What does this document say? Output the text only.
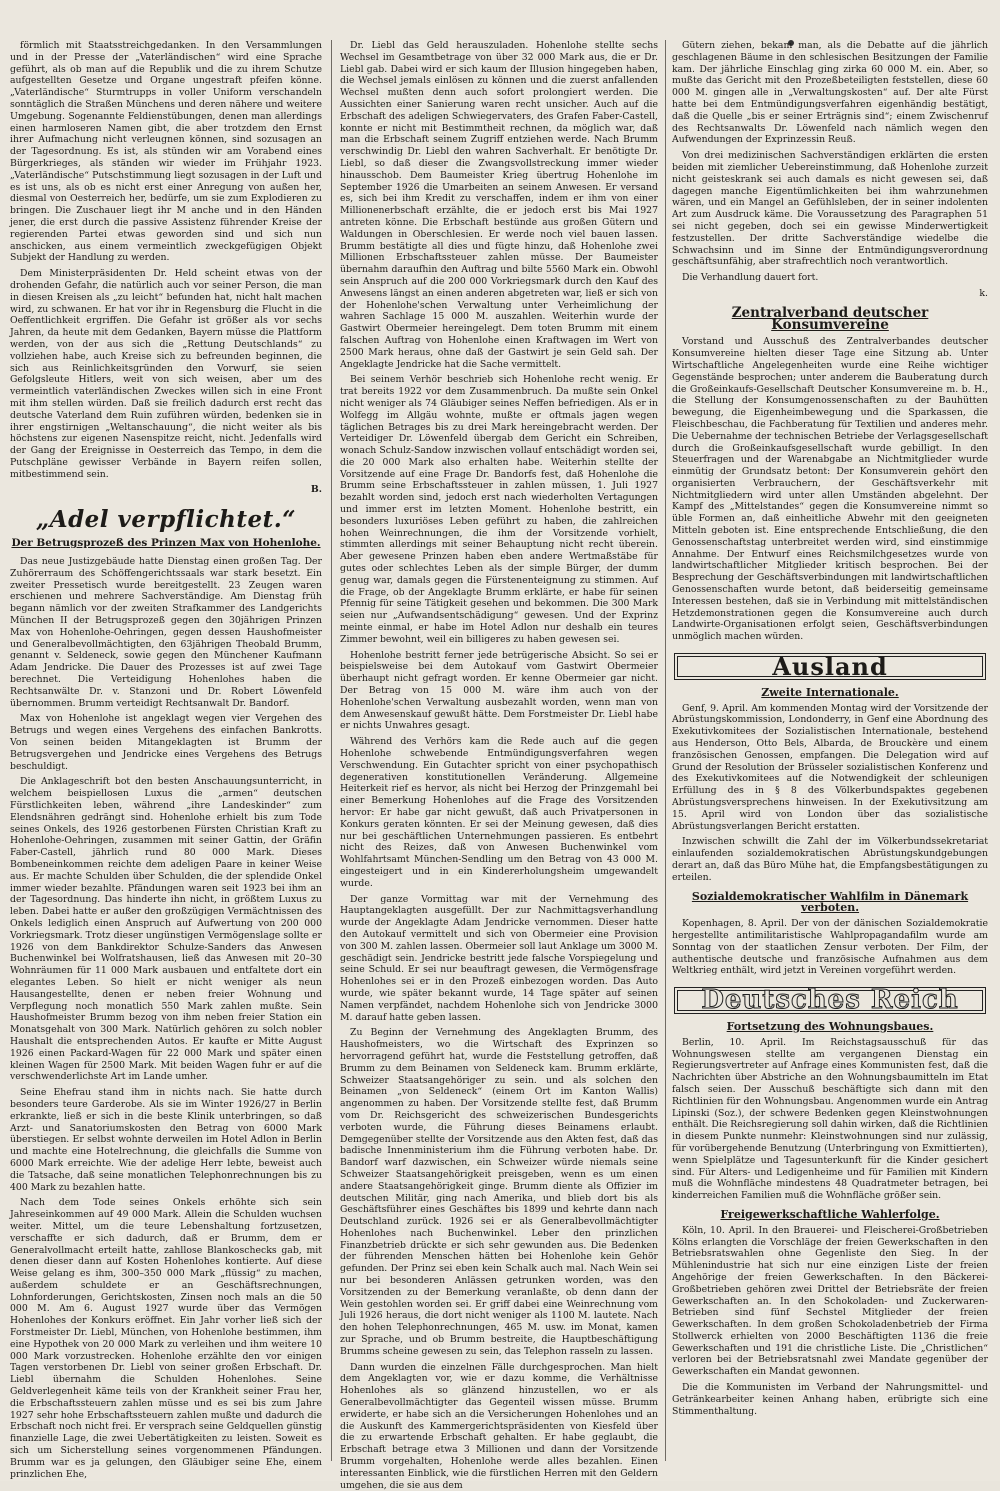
förmlich mit Staatsstreichgedanken. In den Versammlungen und in der Presse der „Vaterländischen“ wird eine Sprache geführt, als ob man auf die Republik und die zu ihrem Schutze aufgestellten Gesetze und Organe ungestraft pfeifen könne. „Vaterländische“ Sturmtrupps in voller Uniform verschandeln sonntäglich die Straßen Münchens und deren nähere und weitere Umgebung. Sogenannte Feldienstübungen, denen man allerdings einen harmloseren Namen gibt, die aber trotzdem den Ernst ihrer Aufmachung nicht verleugnen können, sind sozusagen an der Tagesordnung. Es ist, als stünden wir am Vorabend eines Bürgerkrieges, als ständen wir wieder im Frühjahr 1923. „Vaterländische“ Putschstimmung liegt sozusagen in der Luft und es ist uns, als ob es nicht erst einer Anregung von außen her, diesmal von Oesterreich her, bedürfe, um sie zum Explodieren zu bringen. Die Zuschauer liegt ihr M anche und in den Händen jener, die erst durch die passive Assistenz führender Kreise der regierenden Partei etwas geworden sind und sich nun anschicken, aus einem vermeintlich zweckgefügigen Objekt Subjekt der Handlung zu werden.

Dem Ministerpräsidenten Dr. Held scheint etwas von der drohenden Gefahr, die natürlich auch vor seiner Person, die man in diesen Kreisen als „zu leicht“ befunden hat, nicht halt machen wird, zu schwanen. Er hat vor ihr in Regensburg die Flucht in die Oeffentlichkeit ergriffen. Die Gefahr ist größer als vor sechs Jahren, da heute mit dem Gedanken, Bayern müsse die Plattform werden, von der aus sich die „Rettung Deutschlands“ zu vollziehen habe, auch Kreise sich zu befreunden beginnen, die sich aus Reinlichkeitsgründen den Vorwurf, sie seien Gefolgsleute Hitlers, weit von sich weisen, aber um des vermeintlich vaterländischen Zweckes willen sich in eine Front mit ihm stellen würden. Daß sie freilich dadurch erst recht das deutsche Vaterland dem Ruin zuführen würden, bedenken sie in ihrer engstirnigen „Weltanschauung“, die nicht weiter als bis höchstens zur eigenen Nasenspitze reicht, nicht. Jedenfalls wird der Gang der Ereignisse in Oesterreich das Tempo, in dem die Putschpläne gewisser Verbände in Bayern reifen sollen, mitbestimmend sein.

B.

„Adel verpflichtet.“
Der Betrugsprozeß des Prinzen Max von Hohenlohe.

Das neue Justizgebäude hatte Dienstag einen großen Tag. Der Zuhörerraum des Schöffengerichtssaals war stark besetzt. Ein zweiter Pressetisch wurde bereitgestellt. 23 Zeugen waren erschienen und mehrere Sachverständige. Am Dienstag früh begann nämlich vor der zweiten Strafkammer des Landgerichts München II der Betrugsprozeß gegen den 30jährigen Prinzen Max von Hohenlohe-Oehringen, gegen dessen Haushofmeister und Generalbevollmächtigten, den 63jährigen Theobald Brumm, genannt v. Seldeneck, sowie gegen den Münchener Kaufmann Adam Jendricke. Die Dauer des Prozesses ist auf zwei Tage berechnet. Die Verteidigung Hohenlohes haben die Rechtsanwälte Dr. v. Stanzoni und Dr. Robert Löwenfeld übernommen. Brumm verteidigt Rechtsanwalt Dr. Bandorf.

Max von Hohenlohe ist angeklagt wegen vier Vergehen des Betrugs und wegen eines Vergehens des einfachen Bankrotts. Von seinen beiden Mitangeklagten ist Brumm der Betrugsvergehen und Jendricke eines Vergehens des Betrugs beschuldigt.

Die Anklageschrift bot den besten Anschauungsunterricht, in welchem beispiellosen Luxus die „armen“ deutschen Fürstlichkeiten leben, während „ihre Landeskinder“ zum Elendsnähren gedrängt sind. Hohenlohe erhielt bis zum Tode seines Onkels, des 1926 gestorbenen Fürsten Christian Kraft zu Hohenlohe-Oehringen, zusammen mit seiner Gattin, der Gräfin Faber-Castell, jährlich rund 80 000 Mark. Dieses Bombeneinkommen reichte dem adeligen Paare in keiner Weise aus. Er machte Schulden über Schulden, die der splendide Onkel immer wieder bezahlte. Pfändungen waren seit 1923 bei ihm an der Tagesordnung. Das hinderte ihn nicht, in größtem Luxus zu leben. Dabei hatte er außer den großzügigen Vermächtnissen des Onkels lediglich einen Anspruch auf Aufwertung von 200 000 Vorkriegsmark. Trotz dieser ungünstigen Vermögenslage sollte er 1926 von dem Bankdirektor Schulze-Sanders das Anwesen Buchenwinkel bei Wolfratshausen, ließ das Anwesen mit 20–30 Wohnräumen für 11 000 Mark ausbauen und entfaltete dort ein elegantes Leben. So hielt er nicht weniger als neun Hausangestellte, denen er neben freier Wohnung und Verpflegung noch monatlich 550 Mark zahlen mußte. Sein Haushofmeister Brumm bezog von ihm neben freier Station ein Monatsgehalt von 300 Mark. Natürlich gehören zu solch nobler Haushalt die entsprechenden Autos. Er kaufte er Mitte August 1926 einen Packard-Wagen für 22 000 Mark und später einen kleinen Wagen für 2500 Mark. Mit beiden Wagen fuhr er auf die verschwenderlichste Art im Lande umher.

Seine Ehefrau stand ihm in nichts nach. Sie hatte durch besonders teure Garderobe. Als sie im Winter 1926/27 in Berlin erkrankte, ließ er sich in die beste Klinik unterbringen, so daß Arzt- und Sanatoriumskosten den Betrag von 6000 Mark überstiegen. Er selbst wohnte derweilen im Hotel Adlon in Berlin und machte eine Hotelrechnung, die gleichfalls die Summe von 6000 Mark erreichte. Wie der adelige Herr lebte, beweist auch die Tatsache, daß seine monatlichen Telephonrechnungen bis zu 400 Mark zu bezahlen hatte.

Nach dem Tode seines Onkels erhöhte sich sein Jahreseinkommen auf 49 000 Mark. Allein die Schulden wuchsen weiter. Mittel, um die teure Lebenshaltung fortzusetzen, verschaffte er sich dadurch, daß er Brumm, dem er Generalvollmacht erteilt hatte, zahllose Blankoschecks gab, mit denen dieser dann auf Kosten Hohenlohes kontierte. Auf diese Weise gelang es ihm, 300–350 000 Mark „flüssig“ zu machen, außerdem schuldete er an Geschäftsrechnungen, Lohnforderungen, Gerichtskosten, Zinsen noch mals an die 50 000 M. Am 6. August 1927 wurde über das Vermögen Hohenlohes der Konkurs eröffnet. Ein Jahr vorher ließ sich der Forstmeister Dr. Liebl, München, von Hohenlohe bestimmen, ihm eine Hypothek von 20 000 Mark zu verleihen und ihm weitere 10 000 Mark vorzustrecken. Hohenlohe erzählte den vor einigen Tagen verstorbenen Dr. Liebl von seiner großen Erbschaft. Dr. Liebl übernahm die Schulden Hohenlohes. Seine Geldverlegenheit käme teils von der Krankheit seiner Frau her, die Erbschaftssteuern zahlen müsse und es sei bis zum Jahre 1927 sehr hohe Erbschaftssteuern zahlen mußte und dadurch die Erbschaft noch nicht frei. Er versprach seine Geldquellen günstig finanzielle Lage, die zwei Uebertätigkeiten zu leisten. Soweit es sich um Sicherstellung seines vorgenommenen Pfändungen. Brumm war es ja gelungen, den Gläubiger seine Ehe, einem prinzlichen Ehe,

Dr. Liebl das Geld herauszuladen. Hohenlohe stellte sechs Wechsel im Gesamtbetrage von über 32 000 Mark aus, die er Dr. Liebl gab. Dabei wird er sich kaum der Illusion hingegeben haben, die Wechsel jemals einlösen zu können und die zuerst anfallenden Wechsel mußten denn auch sofort prolongiert werden. Die Aussichten einer Sanierung waren recht unsicher. Auch auf die Erbschaft des adeligen Schwiegervaters, des Grafen Faber-Castell, konnte er nicht mit Bestimmtheit rechnen, da möglich war, daß man die Erbschaft seinem Zugriff entziehen werde. Nach Brumm verschwindig Dr. Liebl den wahren Sachverhalt. Er benötigte Dr. Liebl, so daß dieser die Zwangsvollstreckung immer wieder hinausschob. Dem Baumeister Krieg übertrug Hohenlohe im September 1926 die Umarbeiten an seinem Anwesen. Er versand es, sich bei ihm Kredit zu verschaffen, indem er ihm von einer Millionenerbschaft erzählte, die er jedoch erst bis Mai 1927 antreten könne. Die Erbschaft bestünde aus großen Gütern und Waldungen in Oberschlesien. Er werde noch viel bauen lassen. Brumm bestätigte all dies und fügte hinzu, daß Hohenlohe zwei Millionen Erbschaftssteuer zahlen müsse. Der Baumeister übernahm daraufhin den Auftrag und bilte 5560 Mark ein. Obwohl sein Anspruch auf die 200 000 Vorkriegsmark durch den Kauf des Anwesens längst an einen anderen abgetreten war, ließ er sich von der Hohenlohe'schen Verwaltung unter Verheimlichung der wahren Sachlage 15 000 M. auszahlen. Weiterhin wurde der Gastwirt Obermeier hereingelegt. Dem toten Brumm mit einem falschen Auftrag von Hohenlohe einen Kraftwagen im Wert von 2500 Mark heraus, ohne daß der Gastwirt je sein Geld sah. Der Angeklagte Jendricke hat die Sache vermittelt.

Bei seinem Verhör beschrieb sich Hohenlohe recht wenig. Er trat bereits 1922 vor dem Zusammenbruch. Da mußte sein Onkel nicht weniger als 74 Gläubiger seines Neffen befriedigen. Als er in Wolfegg im Allgäu wohnte, mußte er oftmals jagen wegen täglichen Betrages bis zu drei Mark hereingebracht werden. Der Verteidiger Dr. Löwenfeld übergab dem Gericht ein Schreiben, wonach Schulz-Sandow inzwischen vollauf entschädigt worden sei, die 20 000 Mark also erhalten habe. Weiterhin stellte der Vorsitzende auf eine Frage Dr. Bandorfs fest, daß Hohenlohe die Brumm seine Erbschaftssteuer in zahlen müssen, 1. Juli 1927 bezahlt worden sind, jedoch erst nach wiederholten Vertagungen und immer erst im letzten Moment. Hohenlohe bestritt, ein besonders luxuriöses Leben geführt zu haben, die zahlreichen hohen Weinrechnungen, die ihm der Vorsitzende vorhielt, stimmten allerdings mit seiner Behauptung nicht recht überein. Aber gewesene Prinzen haben eben andere Wertmaßstäbe für gutes oder schlechtes Leben als der simple Bürger, der dumm genug war, damals gegen die Fürstenenteignung zu stimmen. Auf die Frage, ob der Angeklagte Brumm erklärte, er habe für seinen Pfennig für seine Tätigkeit gesehen und bekommen. Die 300 Mark seien nur „Aufwandsentschädigung“ gewesen. Und der Exprinz meinte einmal, er habe im Hotel Adlon nur deshalb ein teures Zimmer bewohnt, weil ein billigeres zu haben gewesen sei.

Hohenlohe bestritt ferner jede betrügerische Absicht. So sei er beispielsweise bei dem Autokauf vom Gastwirt Obermeier überhaupt nicht gefragt worden. Er kenne Obermeier gar nicht. Der Betrag von 15 000 M. wäre ihm auch von der Hohenlohe'schen Verwaltung ausbezahlt worden, wenn man von dem Anwesenskauf gewußt hätte. Dem Forstmeister Dr. Liebl habe er nichts Unwahres gesagt.

Während des Verhörs kam die Rede auch auf die gegen Hohenlohe schwebende Entmündigungsverfahren wegen Verschwendung. Ein Gutachter spricht von einer psychopathisch degenerativen konstitutionellen Veränderung. Allgemeine Heiterkeit rief es hervor, als nicht bei Herzog der Prinzgemahl bei einer Bemerkung Hohenlohes auf die Frage des Vorsitzenden hervor: Er habe gar nicht gewußt, daß auch Privatpersonen in Konkurs geraten könnten. Er sei der Meinung gewesen, daß dies nur bei geschäftlichen Unternehmungen passieren. Es entbehrt nicht des Reizes, daß von Anwesen Buchenwinkel vom Wohlfahrtsamt München-Sendling um den Betrag von 43 000 M. eingesteigert und in ein Kindererholungsheim umgewandelt wurde.

Der ganze Vormittag war mit der Vernehmung des Hauptangeklagten ausgefüllt. Der zur Nachmittagsverhandlung wurde der Angeklagte Adam Jendricke vernommen. Dieser hatte den Autokauf vermittelt und sich von Obermeier eine Provision von 300 M. zahlen lassen. Obermeier soll laut Anklage um 3000 M. geschädigt sein. Jendricke bestritt jede falsche Vorspiegelung und seine Schuld. Er sei nur beauftragt gewesen, die Vermögensfrage Hohenlohes sei er in den Prozeß einbezogen worden. Das Auto wurde, wie später bekannt wurde, 14 Tage später auf seinen Namen verpfändet, nachdem Hohenlohe sich von Jendricke 3000 M. darauf hatte geben lassen.

Zu Beginn der Vernehmung des Angeklagten Brumm, des Haushofmeisters, wo die Wirtschaft des Exprinzen so hervorragend geführt hat, wurde die Feststellung getroffen, daß Brumm zu dem Beinamen von Seldeneck kam. Brumm erklärte, Schweizer Staatsangehöriger zu sein. und als solchen den Beinamen „von Seldeneck“ (einem Ort im Kanton Wallis) angenommen zu haben. Der Vorsitzende stellte fest, daß Brumm vom Dr. Reichsgericht des schweizerischen Bundesgerichts verboten wurde, die Führung dieses Beinamens erlaubt. Demgegenüber stellte der Vorsitzende aus den Akten fest, daß das badische Innenministerium ihm die Führung verboten habe. Dr. Bandorf warf dazwischen, ein Schweizer würde niemals seine Schweizer Staatsangehörigkeit preisgeben, wenn es um einen andere Staatsangehörigkeit ginge. Brumm diente als Offizier im deutschen Militär, ging nach Amerika, und blieb dort bis als Geschäftsführer eines Geschäftes bis 1899 und kehrte dann nach Deutschland zurück. 1926 sei er als Generalbevollmächtigter Hohenlohes nach Buchenwinkel. Leber den prinzlichen Finanzbetrieb drückte er sich sehr gewunden aus. Die Bedenken der führenden Menschen hätten bei Hohenlohe kein Gehör gefunden. Der Prinz sei eben kein Schalk auch mal. Nach Wein sei nur bei besonderen Anlässen getrunken worden, was den Vorsitzenden zu der Bemerkung veranlaßte, ob denn dann der Wein gestohlen worden sei. Er griff dabei eine Weinrechnung vom Juli 1926 heraus, die dort nicht weniger als 1100 M. lautete. Nach den hohen Telephonrechnungen, 465 M. usw. im Monat, kamen zur Sprache, und ob Brumm bestreite, die Hauptbeschäftigung Brumms scheine gewesen zu sein, das Telephon rasseln zu lassen.

Dann wurden die einzelnen Fälle durchgesprochen. Man hielt dem Angeklagten vor, wie er dazu komme, die Verhältnisse Hohenlohes als so glänzend hinzustellen, wo er als Generalbevollmächtigter das Gegenteil wissen müsse. Brumm erwiderte, er habe sich an die Versicherungen Hohenlohes und an die Auskunft des Kammergerichtspräsidenten von Kiesfeld über die zu erwartende Erbschaft gehalten. Er habe geglaubt, die Erbschaft betrage etwa 3 Millionen und dann der Vorsitzende Brumm vorgehalten, Hohenlohe werde alles bezahlen. Einen interessanten Einblick, wie die fürstlichen Herren mit den Geldern umgehen, die sie aus dem

Gütern ziehen, bekam man, als die Debatte auf die jährlich geschlagenen Bäume in den schlesischen Besitzungen der Familie kam. Der jährliche Einschlag ging zirka 60 000 M. ein. Aber, so mußte das Gericht mit den Prozeßbeteiligten feststellen, diese 60 000 M. gingen alle in „Verwaltungskosten“ auf. Der alte Fürst hatte bei dem Entmündigungsverfahren eigenhändig bestätigt, daß die Quelle „bis er seiner Erträgnis sind“; einem Zwischenruf des Rechtsanwalts Dr. Löwenfeld nach nämlich wegen den Aufwendungen der Exprinzessin Reuß.

Von drei medizinischen Sachverständigen erklärten die ersten beiden mit ziemlicher Uebereinstimmung, daß Hohenlohe zurzeit nicht geisteskrank sei auch damals es nicht gewesen sei, daß dagegen manche Eigentümlichkeiten bei ihm wahrzunehmen wären, und ein Mangel an Gefühlsleben, der in seiner indolenten Art zum Ausdruck käme. Die Voraussetzung des Paragraphen 51 sei nicht gegeben, doch sei ein gewisse Minderwertigkeit festzustellen. Der dritte Sachverständige wiedelbe die Schwachsinn und im Sinne der Entmündigungsverordnung geschäftsunfähig, aber strafrechtlich noch verantwortlich.

Die Verhandlung dauert fort.

k.

Zentralverband deutscher Konsumvereine

Vorstand und Ausschuß des Zentralverbandes deutscher Konsumvereine hielten dieser Tage eine Sitzung ab. Unter Wirtschaftliche Angelegenheiten wurde eine Reihe wichtiger Gegenstände besprochen; unter anderem die Bauberatung durch die Großeinkaufs-Gesellschaft Deutscher Konsumvereine m. b. H., die Stellung der Konsumgenossenschaften zu der Bauhütten bewegung, die Eigenheimbewegung und die Sparkassen, die Fleischbeschau, die Fachberatung für Textilien und anderes mehr. Die Uebernahme der technischen Betriebe der Verlagsgesellschaft durch die Großeinkaufsgesellschaft wurde gebilligt. In den Steuerfragen und der Warenabgabe an Nichtmitglieder wurde einmütig der Grundsatz betont: Der Konsumverein gehört den organisierten Verbrauchern, der Geschäftsverkehr mit Nichtmitgliedern wird unter allen Umständen abgelehnt. Der Kampf des „Mittelstandes“ gegen die Konsumvereine nimmt so üble Formen an, daß einheitliche Abwehr mit den geeigneten Mitteln geboten ist. Eine entsprechende Entschließung, die den Genossenschaftstag unterbreitet werden wird, sind einstimmige Annahme. Der Entwurf eines Reichsmilchgesetzes wurde von landwirtschaftlicher Mitglieder kritisch besprochen. Bei der Besprechung der Geschäftsverbindungen mit landwirtschaftlichen Genossenschaften wurde betont, daß beiderseitig gemeinsame Interessen bestehen, daß sie in Verbindung mit mittelständischen Hetzdemonstrationen gegen die Konsumvereine auch durch Landwirte-Organisationen erfolgt seien, Geschäftsverbindungen unmöglich machen würden.

Ausland
Zweite Internationale.

Genf, 9. April. Am kommenden Montag wird der Vorsitzende der Abrüstungskommission, Londonderry, in Genf eine Abordnung des Exekutivkomitees der Sozialistischen Internationale, bestehend aus Henderson, Otto Bels, Albarda, de Brouckère und einem französischen Genossen, empfangen. Die Delegation wird auf Grund der Resolution der Brüsseler sozialistischen Konferenz und des Exekutivkomitees auf die Notwendigkeit der schleunigen Erfüllung des in § 8 des Völkerbundspaktes gegebenen Abrüstungsversprechens hinweisen. In der Exekutivsitzung am 15. April wird von London über das sozialistische Abrüstungsverlangen Bericht erstatten.

Inzwischen schwillt die Zahl der im Völkerbundssekretariat einlaufenden sozialdemokratischen Abrüstungskundgebungen derart an, daß das Büro Mühe hat, die Empfangsbestätigungen zu erteilen.

Sozialdemokratischer Wahlfilm in Dänemark verboten.

Kopenhagen, 8. April. Der von der dänischen Sozialdemokratie hergestellte antimilitaristische Wahlpropagandafilm wurde am Sonntag von der staatlichen Zensur verboten. Der Film, der authentische deutsche und französische Aufnahmen aus dem Weltkrieg enthält, wird jetzt in Vereinen vorgeführt werden.

Deutsches Reich
Fortsetzung des Wohnungsbaues.

Berlin, 10. April. Im Reichstagsausschuß für das Wohnungswesen stellte am vergangenen Dienstag ein Regierungsvertreter auf Anfrage eines Kommunisten fest, daß die Nachrichten über Abstriche an den Wohnungsbaumitteln im Etat falsch seien. Der Ausschuß beschäftigte sich dann mit den Richtlinien für den Wohnungsbau. Angenommen wurde ein Antrag Lipinski (Soz.), der schwere Bedenken gegen Kleinstwohnungen enthält. Die Reichsregierung soll dahin wirken, daß die Richtlinien in diesem Punkte nunmehr: Kleinstwohnungen sind nur zulässig, für vorübergehende Benutzung (Unterbringung von Exmittierten), wenn Spielplätze und Tagesunterkunft für die Kinder gesichert sind. Für Alters- und Ledigenheime und für Familien mit Kindern muß die Wohnfläche mindestens 48 Quadratmeter betragen, bei kinderreichen Familien muß die Wohnfläche größer sein.

Freigewerkschaftliche Wahlerfolge.

Köln, 10. April. In den Brauerei- und Fleischerei-Großbetrieben Kölns erlangten die Vorschläge der freien Gewerkschaften in den Betriebsratswahlen ohne Gegenliste den Sieg. In der Mühlenindustrie hat sich nur eine einzigen Liste der freien Angehörige der freien Gewerkschaften. In den Bäckerei-Großbetrieben gehören zwei Drittel der Betriebsräte der freien Gewerkschaften an. In den Schokoladen- und Zuckerwaren-Betrieben sind fünf Sechstel Mitglieder der freien Gewerkschaften. In dem großen Schokoladenbetrieb der Firma Stollwerck erhielten von 2000 Beschäftigten 1136 die freie Gewerkschaften und 191 die christliche Liste. Die „Christlichen“ verloren bei der Betriebsratsnahl zwei Mandate gegenüber der Gewerkschaften ein Mandat gewonnen.

Die die Kommunisten im Verband der Nahrungsmittel- und Getränkearbeiter keinen Anhang haben, erübrigte sich eine Stimmenthaltung.
